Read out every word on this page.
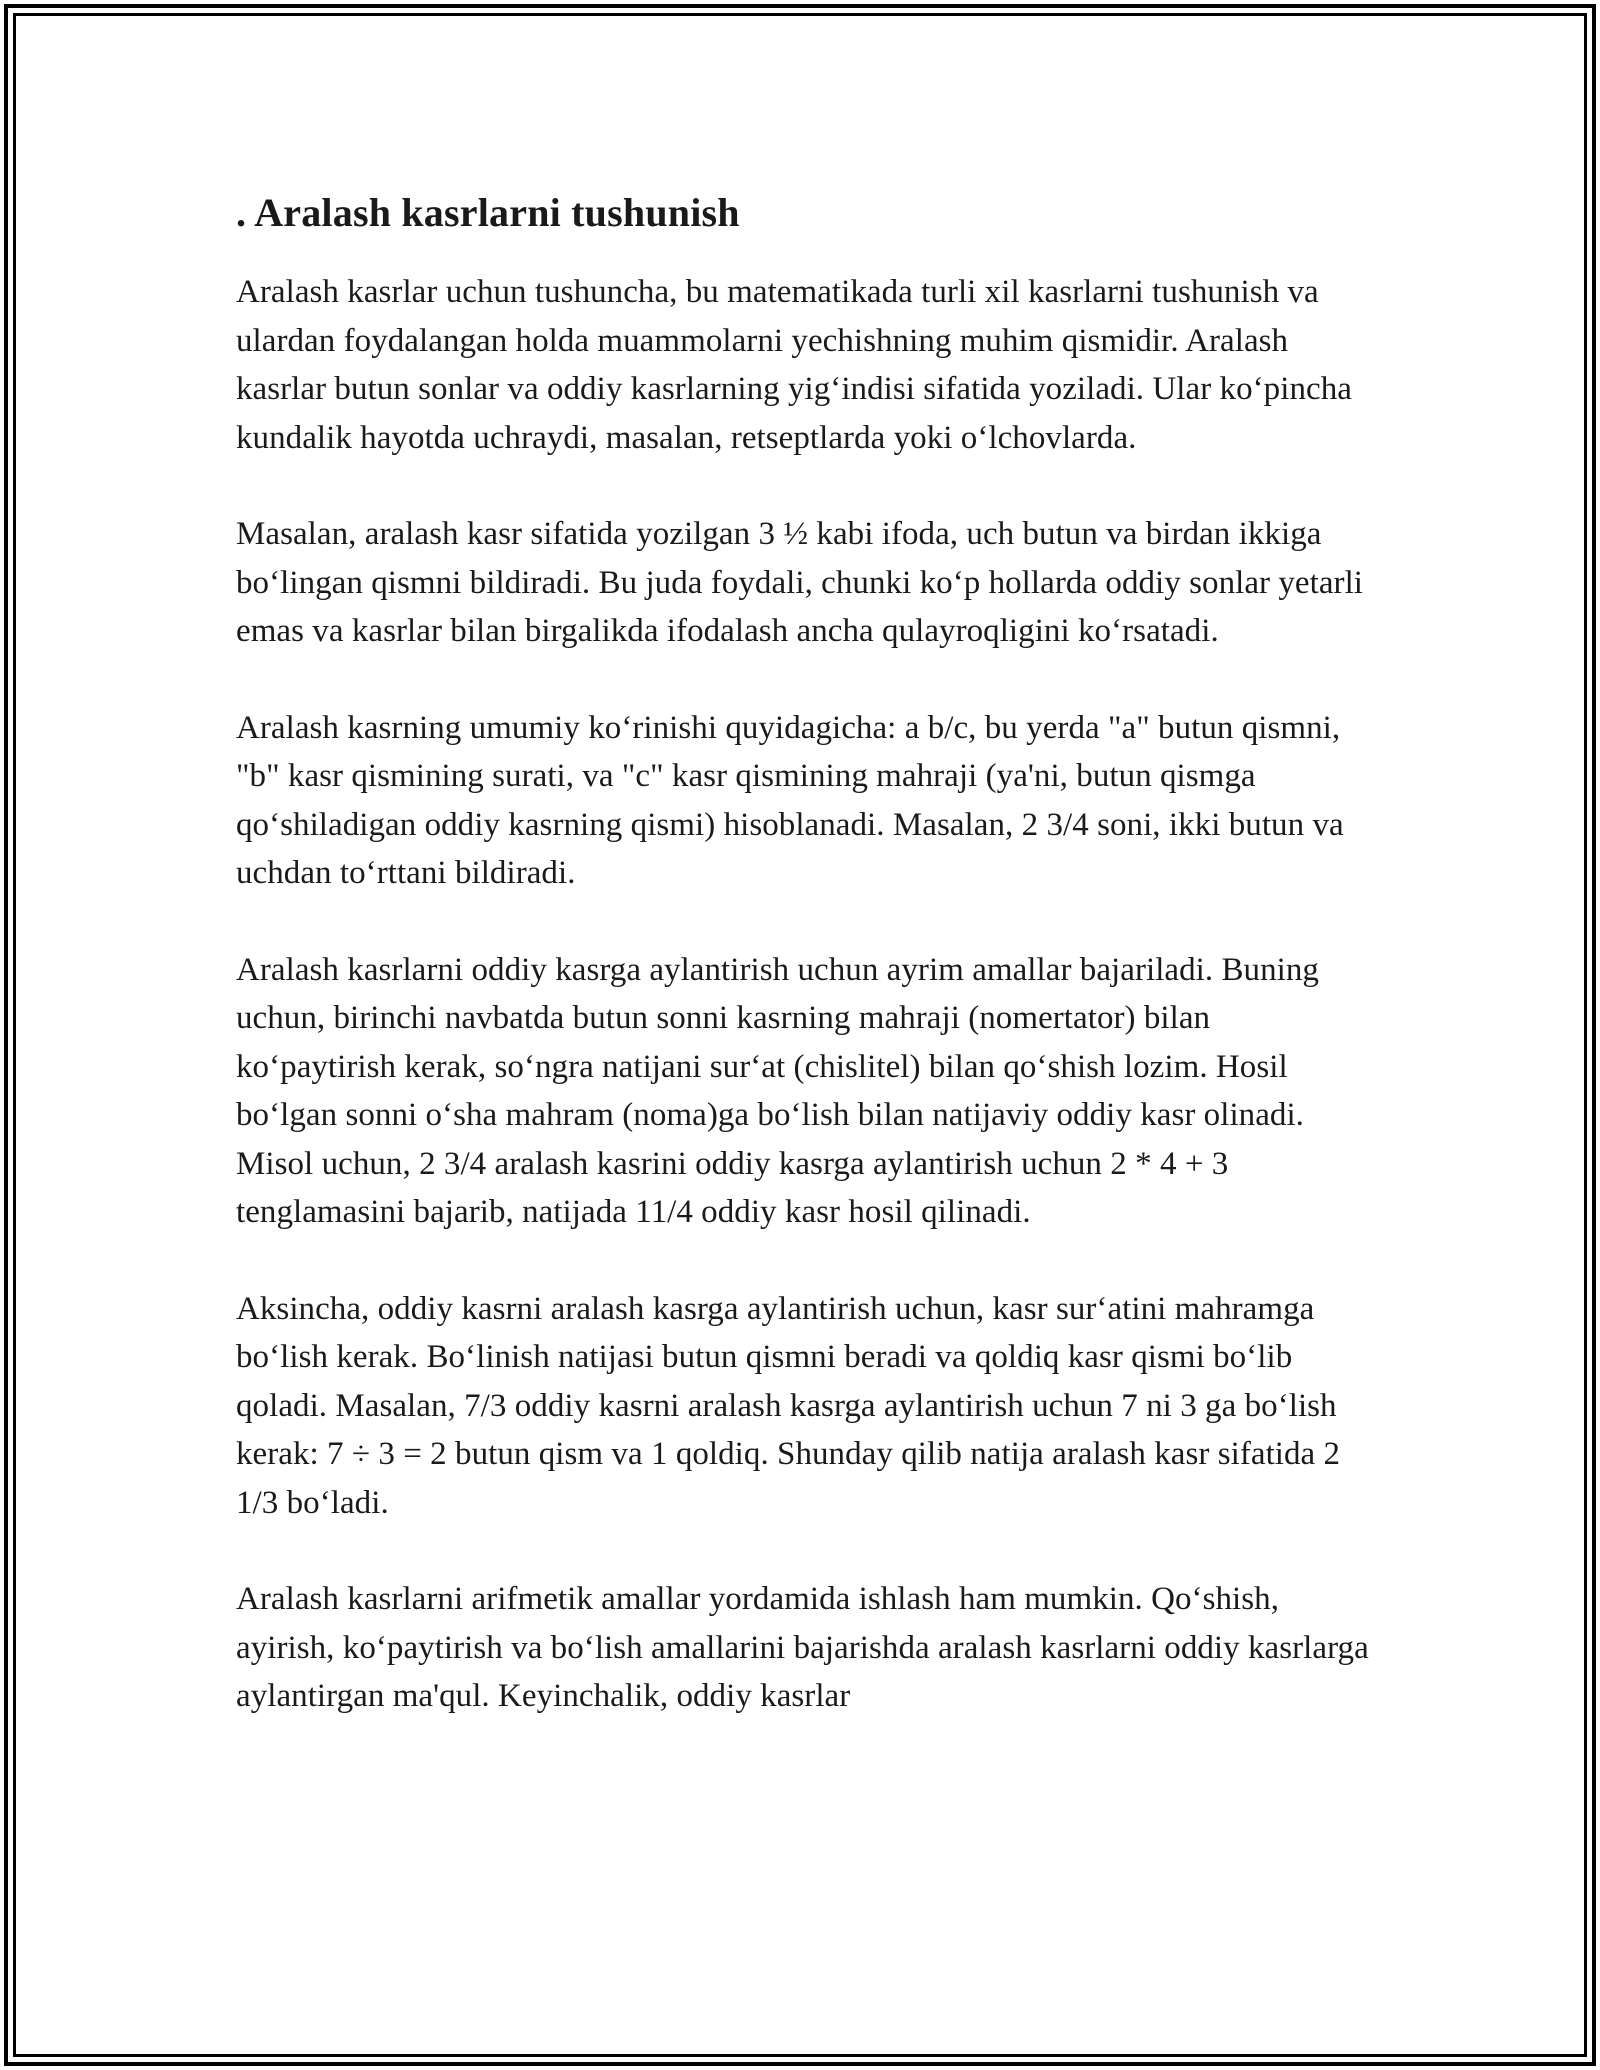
. Aralash kasrlarni tushunish

Aralash kasrlar uchun tushuncha, bu matematikada turli xil kasrlarni tushunish va ulardan foydalangan holda muammolarni yechishning muhim qismidir. Aralash kasrlar butun sonlar va oddiy kasrlarning yig‘indisi sifatida yoziladi. Ular ko‘pincha kundalik hayotda uchraydi, masalan, retseptlarda yoki o‘lchovlarda.

Masalan, aralash kasr sifatida yozilgan 3 ½ kabi ifoda, uch butun va birdan ikkiga bo‘lingan qismni bildiradi. Bu juda foydali, chunki ko‘p hollarda oddiy sonlar yetarli emas va kasrlar bilan birgalikda ifodalash ancha qulayroqligini ko‘rsatadi.

Aralash kasrning umumiy ko‘rinishi quyidagicha: a b/c, bu yerda "a" butun qismni, "b" kasr qismining surati, va "c" kasr qismining mahraji (ya'ni, butun qismga qo‘shiladigan oddiy kasrning qismi) hisoblanadi. Masalan, 2 3/4 soni, ikki butun va uchdan to‘rttani bildiradi.

Aralash kasrlarni oddiy kasrga aylantirish uchun ayrim amallar bajariladi. Buning uchun, birinchi navbatda butun sonni kasrning mahraji (nomertator) bilan ko‘paytirish kerak, so‘ngra natijani sur‘at (chislitel) bilan qo‘shish lozim. Hosil bo‘lgan sonni o‘sha mahram (noma)ga bo‘lish bilan natijaviy oddiy kasr olinadi. Misol uchun, 2 3/4 aralash kasrini oddiy kasrga aylantirish uchun 2 * 4 + 3 tenglamasini bajarib, natijada 11/4 oddiy kasr hosil qilinadi.

Aksincha, oddiy kasrni aralash kasrga aylantirish uchun, kasr sur‘atini mahramga bo‘lish kerak. Bo‘linish natijasi butun qismni beradi va qoldiq kasr qismi bo‘lib qoladi. Masalan, 7/3 oddiy kasrni aralash kasrga aylantirish uchun 7 ni 3 ga bo‘lish kerak: 7 ÷ 3 = 2 butun qism va 1 qoldiq. Shunday qilib natija aralash kasr sifatida 2 1/3 bo‘ladi.

Aralash kasrlarni arifmetik amallar yordamida ishlash ham mumkin. Qo‘shish, ayirish, ko‘paytirish va bo‘lish amallarini bajarishda aralash kasrlarni oddiy kasrlarga aylantirgan ma'qul. Keyinchalik, oddiy kasrlar
